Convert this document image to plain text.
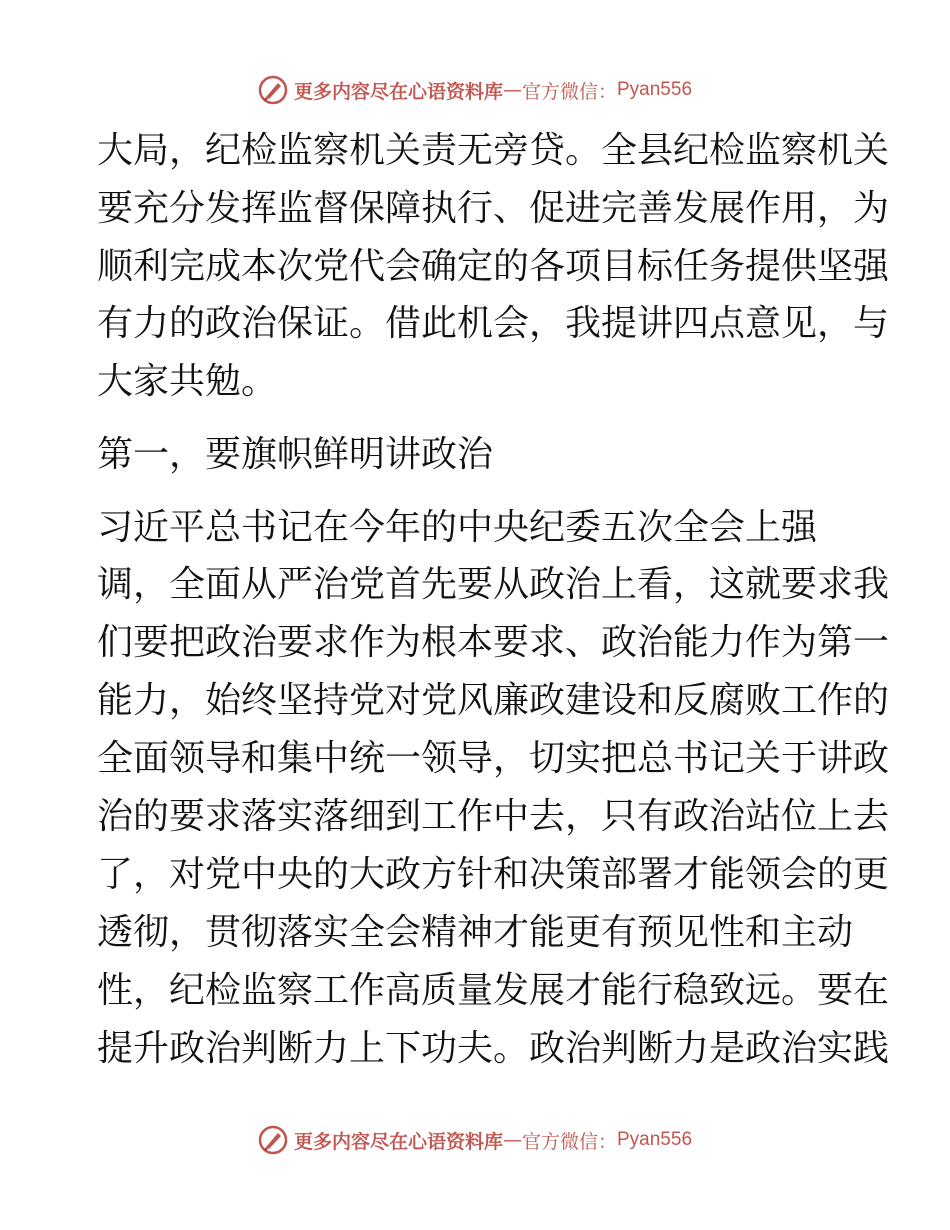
更多内容尽在心语资料库 — 官方微信： Pyan556
大局，纪检监察机关责无旁贷。全县纪检监察机关
要充分发挥监督保障执行、促进完善发展作用，为
顺利完成本次党代会确定的各项目标任务提供坚强
有力的政治保证。借此机会，我提讲四点意见，与
大家共勉。
第一，要旗帜鲜明讲政治
习近平总书记在今年的中央纪委五次全会上强
调，全面从严治党首先要从政治上看，这就要求我
们要把政治要求作为根本要求、政治能力作为第一
能力，始终坚持党对党风廉政建设和反腐败工作的
全面领导和集中统一领导，切实把总书记关于讲政
治的要求落实落细到工作中去，只有政治站位上去
了，对党中央的大政方针和决策部署才能领会的更
透彻，贯彻落实全会精神才能更有预见性和主动
性，纪检监察工作高质量发展才能行稳致远。要在
提升政治判断力上下功夫。政治判断力是政治实践
更多内容尽在心语资料库 — 官方微信： Pyan556
